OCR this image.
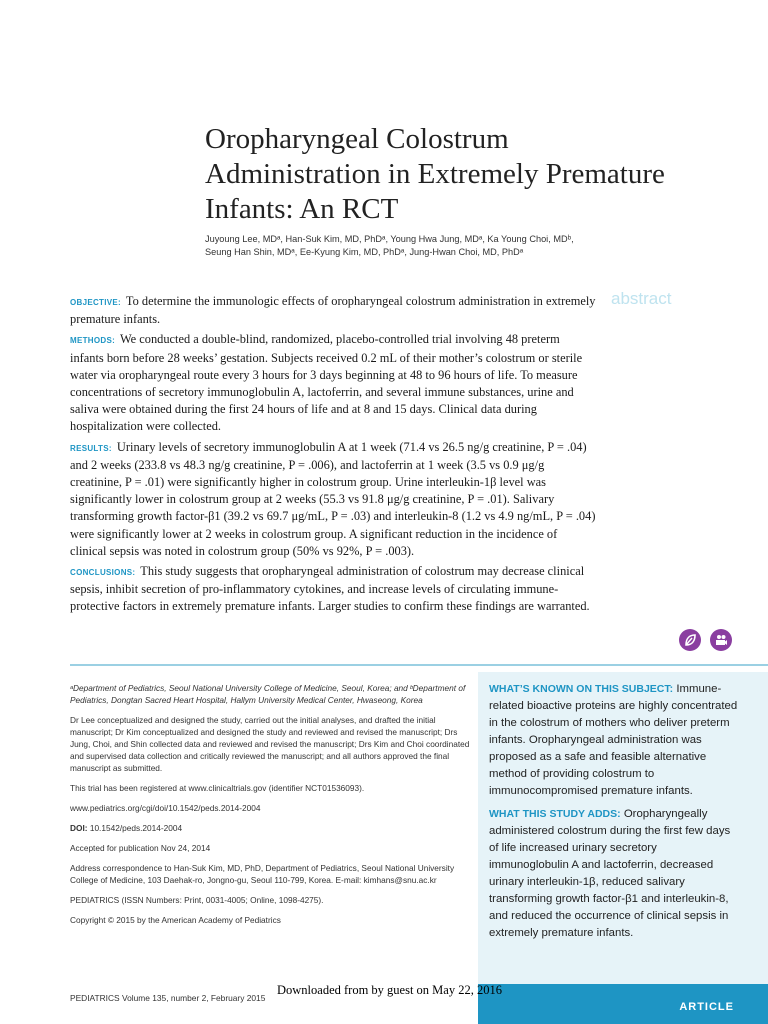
Oropharyngeal Colostrum Administration in Extremely Premature Infants: An RCT
Juyoung Lee, MDᵃ, Han-Suk Kim, MD, PhDᵃ, Young Hwa Jung, MDᵃ, Ka Young Choi, MDᵇ,
Seung Han Shin, MDᵃ, Ee-Kyung Kim, MD, PhDᵃ, Jung-Hwan Choi, MD, PhDᵃ
abstract

OBJECTIVE: To determine the immunologic effects of oropharyngeal colostrum administration in extremely premature infants.

METHODS: We conducted a double-blind, randomized, placebo-controlled trial involving 48 preterm infants born before 28 weeks’ gestation. Subjects received 0.2 mL of their mother’s colostrum or sterile water via oropharyngeal route every 3 hours for 3 days beginning at 48 to 96 hours of life. To measure concentrations of secretory immunoglobulin A, lactoferrin, and several immune substances, urine and saliva were obtained during the first 24 hours of life and at 8 and 15 days. Clinical data during hospitalization were collected.

RESULTS: Urinary levels of secretory immunoglobulin A at 1 week (71.4 vs 26.5 ng/g creatinine, P = .04) and 2 weeks (233.8 vs 48.3 ng/g creatinine, P = .006), and lactoferrin at 1 week (3.5 vs 0.9 μg/g creatinine, P = .01) were significantly higher in colostrum group. Urine interleukin-1β level was significantly lower in colostrum group at 2 weeks (55.3 vs 91.8 μg/g creatinine, P = .01). Salivary transforming growth factor-β1 (39.2 vs 69.7 μg/mL, P = .03) and interleukin-8 (1.2 vs 4.9 ng/mL, P = .04) were significantly lower at 2 weeks in colostrum group. A significant reduction in the incidence of clinical sepsis was noted in colostrum group (50% vs 92%, P = .003).

CONCLUSIONS: This study suggests that oropharyngeal administration of colostrum may decrease clinical sepsis, inhibit secretion of pro-inflammatory cytokines, and increase levels of circulating immune-protective factors in extremely premature infants. Larger studies to confirm these findings are warranted.

ᵃDepartment of Pediatrics, Seoul National University College of Medicine, Seoul, Korea; and ᵇDepartment of Pediatrics, Dongtan Sacred Heart Hospital, Hallym University Medical Center, Hwaseong, Korea

Dr Lee conceptualized and designed the study, carried out the initial analyses, and drafted the initial manuscript; Dr Kim conceptualized and designed the study and reviewed and revised the manuscript; Drs Jung, Choi, and Shin collected data and reviewed and revised the manuscript; Drs Kim and Choi coordinated and supervised data collection and critically reviewed the manuscript; and all authors approved the final manuscript as submitted.

This trial has been registered at www.clinicaltrials.gov (identifier NCT01536093).

www.pediatrics.org/cgi/doi/10.1542/peds.2014-2004

DOI: 10.1542/peds.2014-2004

Accepted for publication Nov 24, 2014

Address correspondence to Han-Suk Kim, MD, PhD, Department of Pediatrics, Seoul National University College of Medicine, 103 Daehak-ro, Jongno-gu, Seoul 110-799, Korea. E-mail: kimhans@snu.ac.kr

PEDIATRICS (ISSN Numbers: Print, 0031-4005; Online, 1098-4275).

Copyright © 2015 by the American Academy of Pediatrics

WHAT’S KNOWN ON THIS SUBJECT: Immune-related bioactive proteins are highly concentrated in the colostrum of mothers who deliver preterm infants. Oropharyngeal administration was proposed as a safe and feasible alternative method of providing colostrum to immunocompromised premature infants.

WHAT THIS STUDY ADDS: Oropharyngeally administered colostrum during the first few days of life increased urinary secretory immunoglobulin A and lactoferrin, decreased urinary interleukin-1β, reduced salivary transforming growth factor-β1 and interleukin-8, and reduced the occurrence of clinical sepsis in extremely premature infants.

ARTICLE
PEDIATRICS Volume 135, number 2, February 2015
Downloaded from by guest on May 22, 2016
